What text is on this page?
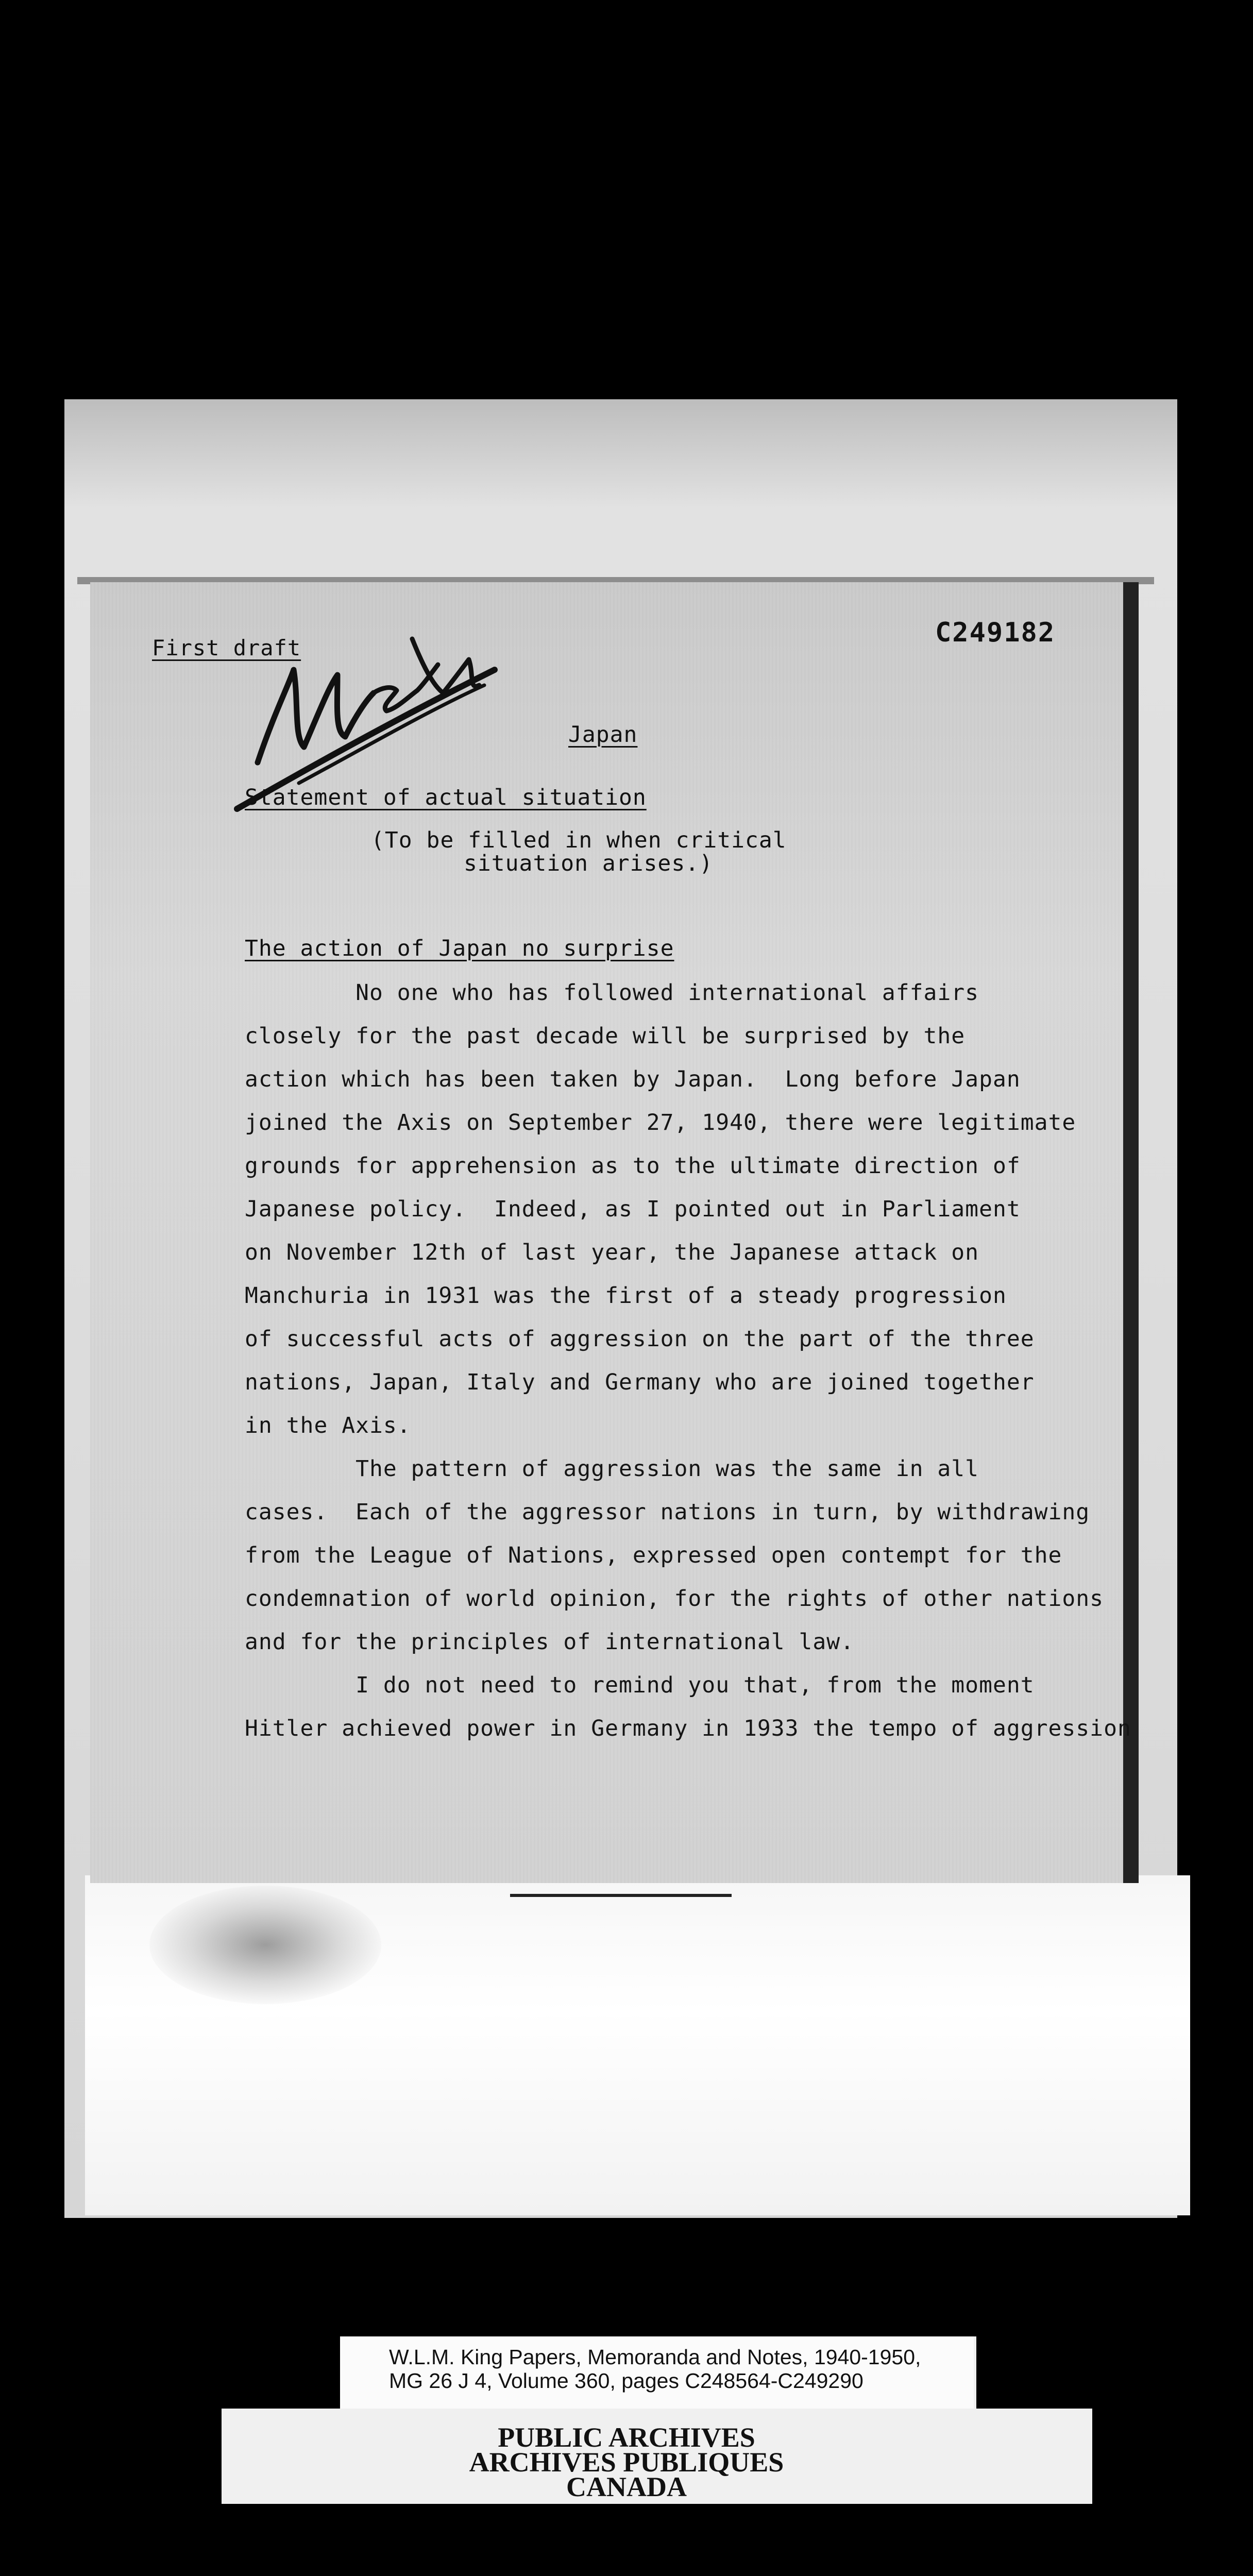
First draft	C249182
Japan
Statement of actual situation
(To be filled in when critical
situation arises.)
The action of Japan no surprise
No one who has followed international affairs
closely for the past decade will be surprised by the
action which has been taken by Japan.  Long before Japan
joined the Axis on September 27, 1940, there were legitimate
grounds for apprehension as to the ultimate direction of
Japanese policy.  Indeed, as I pointed out in Parliament
on November 12th of last year, the Japanese attack on
Manchuria in 1931 was the first of a steady progression
of successful acts of aggression on the part of the three
nations, Japan, Italy and Germany who are joined together
in the Axis.
The pattern of aggression was the same in all
cases.  Each of the aggressor nations in turn, by withdrawing
from the League of Nations, expressed open contempt for the
condemnation of world opinion, for the rights of other nations
and for the principles of international law.
I do not need to remind you that, from the moment
Hitler achieved power in Germany in 1933 the tempo of aggression
W.L.M. King Papers, Memoranda and Notes, 1940-1950,
MG 26 J 4, Volume 360, pages C248564-C249290
PUBLIC ARCHIVES
ARCHIVES PUBLIQUES
CANADA
